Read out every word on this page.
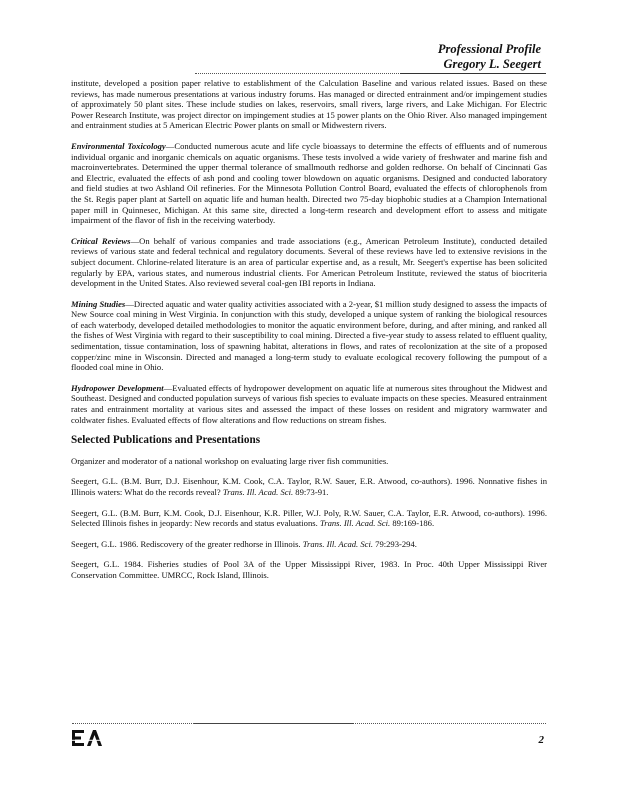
Professional Profile
Gregory L. Seegert

institute, developed a position paper relative to establishment of the Calculation Baseline and various related issues. Based on these reviews, has made numerous presentations at various industry forums. Has managed or directed entrainment and/or impingement studies of approximately 50 plant sites. These include studies on lakes, reservoirs, small rivers, large rivers, and Lake Michigan. For Electric Power Research Institute, was project director on impingement studies at 15 power plants on the Ohio River. Also managed impingement and entrainment studies at 5 American Electric Power plants on small or Midwestern rivers.

Environmental Toxicology—Conducted numerous acute and life cycle bioassays to determine the effects of effluents and of numerous individual organic and inorganic chemicals on aquatic organisms. These tests involved a wide variety of freshwater and marine fish and macroinvertebrates. Determined the upper thermal tolerance of smallmouth redhorse and golden redhorse. On behalf of Cincinnati Gas and Electric, evaluated the effects of ash pond and cooling tower blowdown on aquatic organisms. Designed and conducted laboratory and field studies at two Ashland Oil refineries. For the Minnesota Pollution Control Board, evaluated the effects of chlorophenols from the St. Regis paper plant at Sartell on aquatic life and human health. Directed two 75-day biophobic studies at a Champion International paper mill in Quinnesec, Michigan. At this same site, directed a long-term research and development effort to assess and mitigate impairment of the flavor of fish in the receiving waterbody.

Critical Reviews—On behalf of various companies and trade associations (e.g., American Petroleum Institute), conducted detailed reviews of various state and federal technical and regulatory documents. Several of these reviews have led to extensive revisions in the subject document. Chlorine-related literature is an area of particular expertise and, as a result, Mr. Seegert's expertise has been solicited regularly by EPA, various states, and numerous industrial clients. For American Petroleum Institute, reviewed the status of biocriteria development in the United States. Also reviewed several coal-gen IBI reports in Indiana.

Mining Studies—Directed aquatic and water quality activities associated with a 2-year, $1 million study designed to assess the impacts of New Source coal mining in West Virginia. In conjunction with this study, developed a unique system of ranking the biological resources of each waterbody, developed detailed methodologies to monitor the aquatic environment before, during, and after mining, and ranked all the fishes of West Virginia with regard to their susceptibility to coal mining. Directed a five-year study to assess related to effluent quality, sedimentation, tissue contamination, loss of spawning habitat, alterations in flows, and rates of recolonization at the site of a proposed copper/zinc mine in Wisconsin. Directed and managed a long-term study to evaluate ecological recovery following the pumpout of a flooded coal mine in Ohio.

Hydropower Development—Evaluated effects of hydropower development on aquatic life at numerous sites throughout the Midwest and Southeast. Designed and conducted population surveys of various fish species to evaluate impacts on these species. Measured entrainment rates and entrainment mortality at various sites and assessed the impact of these losses on resident and migratory warmwater and coldwater fishes. Evaluated effects of flow alterations and flow reductions on stream fishes.

Selected Publications and Presentations

Organizer and moderator of a national workshop on evaluating large river fish communities.

Seegert, G.L. (B.M. Burr, D.J. Eisenhour, K.M. Cook, C.A. Taylor, R.W. Sauer, E.R. Atwood, co-authors). 1996. Nonnative fishes in Illinois waters: What do the records reveal? Trans. Ill. Acad. Sci. 89:73-91.

Seegert, G.L. (B.M. Burr, K.M. Cook, D.J. Eisenhour, K.R. Piller, W.J. Poly, R.W. Sauer, C.A. Taylor, E.R. Atwood, co-authors). 1996. Selected Illinois fishes in jeopardy: New records and status evaluations. Trans. Ill. Acad. Sci. 89:169-186.

Seegert, G.L. 1986. Rediscovery of the greater redhorse in Illinois. Trans. Ill. Acad. Sci. 79:293-294.

Seegert, G.L. 1984. Fisheries studies of Pool 3A of the Upper Mississippi River, 1983. In Proc. 40th Upper Mississippi River Conservation Committee. UMRCC, Rock Island, Illinois.

2
